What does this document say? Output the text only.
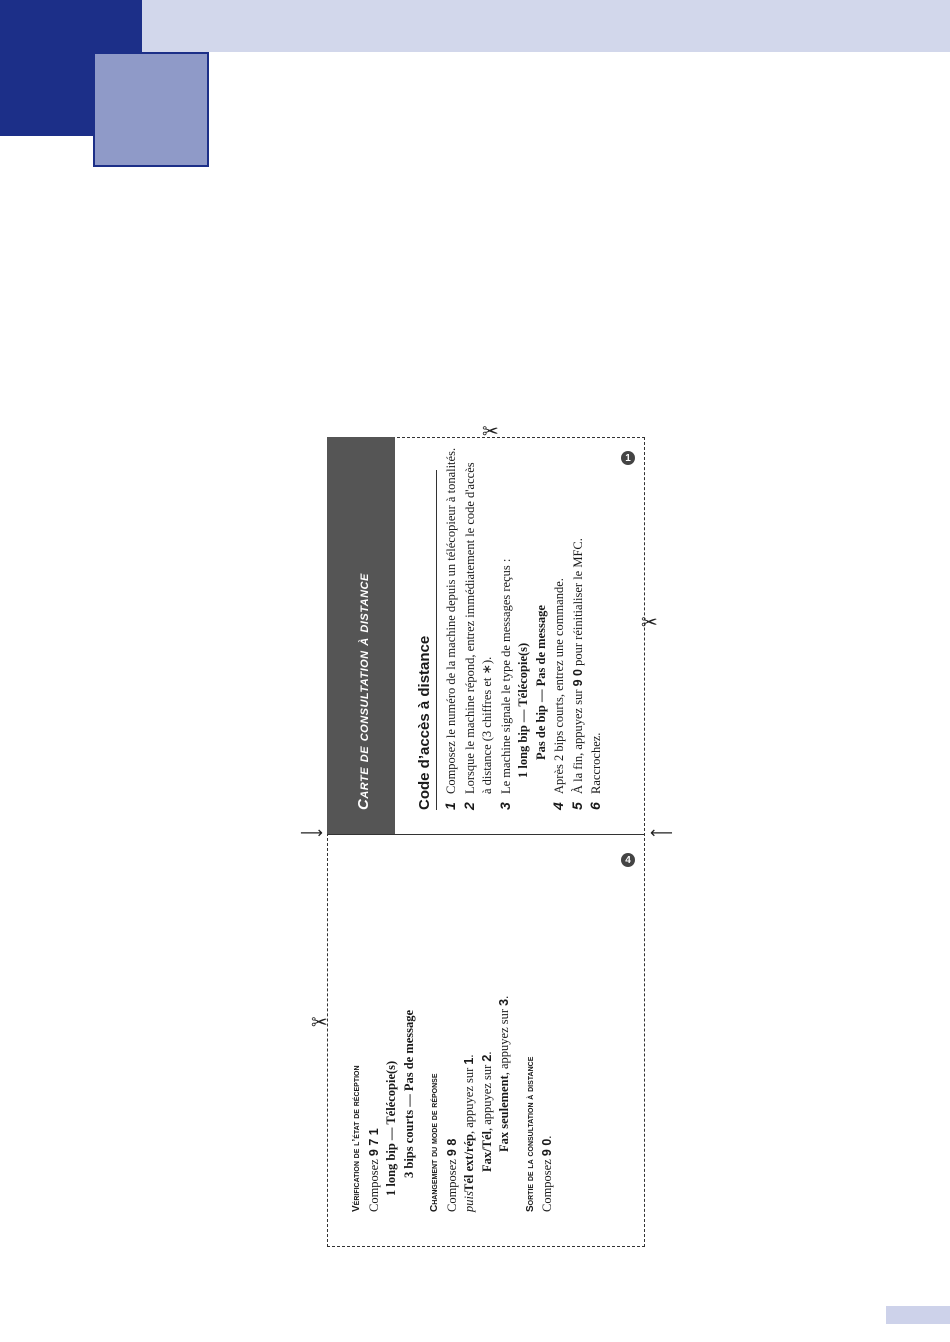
✂
✂
✂
⟶	⟵
1
4
Carte de consultation à distance	Code d’accès à distance 1Composez le numéro de la machine depuis un télécopieur à tonalités.
2Lorsque le machine répond, entrez immédiatement le code d'accès à distance (3 chiffres et ∗).
3Le machine signale le type de messages reçus : 1 long bip — Télécopie(s) Pas de bip — Pas de message
4Après 2 bips courts, entrez une commande.
5À la fin, appuyez sur 9 0 pour réinitialiser le MFC.
6Raccrochez.
Vérification de l’état de réception Composez 9 7 1 1 long bip — Télécopie(s) 3 bips courts — Pas de message	Changement du mode de réponse Composez 9 8
puisTél ext/rép, appuyez sur 1.
Fax/Tél, appuyez sur 2.
Fax seulement, appuyez sur 3.
Sortie de la consultation à distance Composez 9 0.
